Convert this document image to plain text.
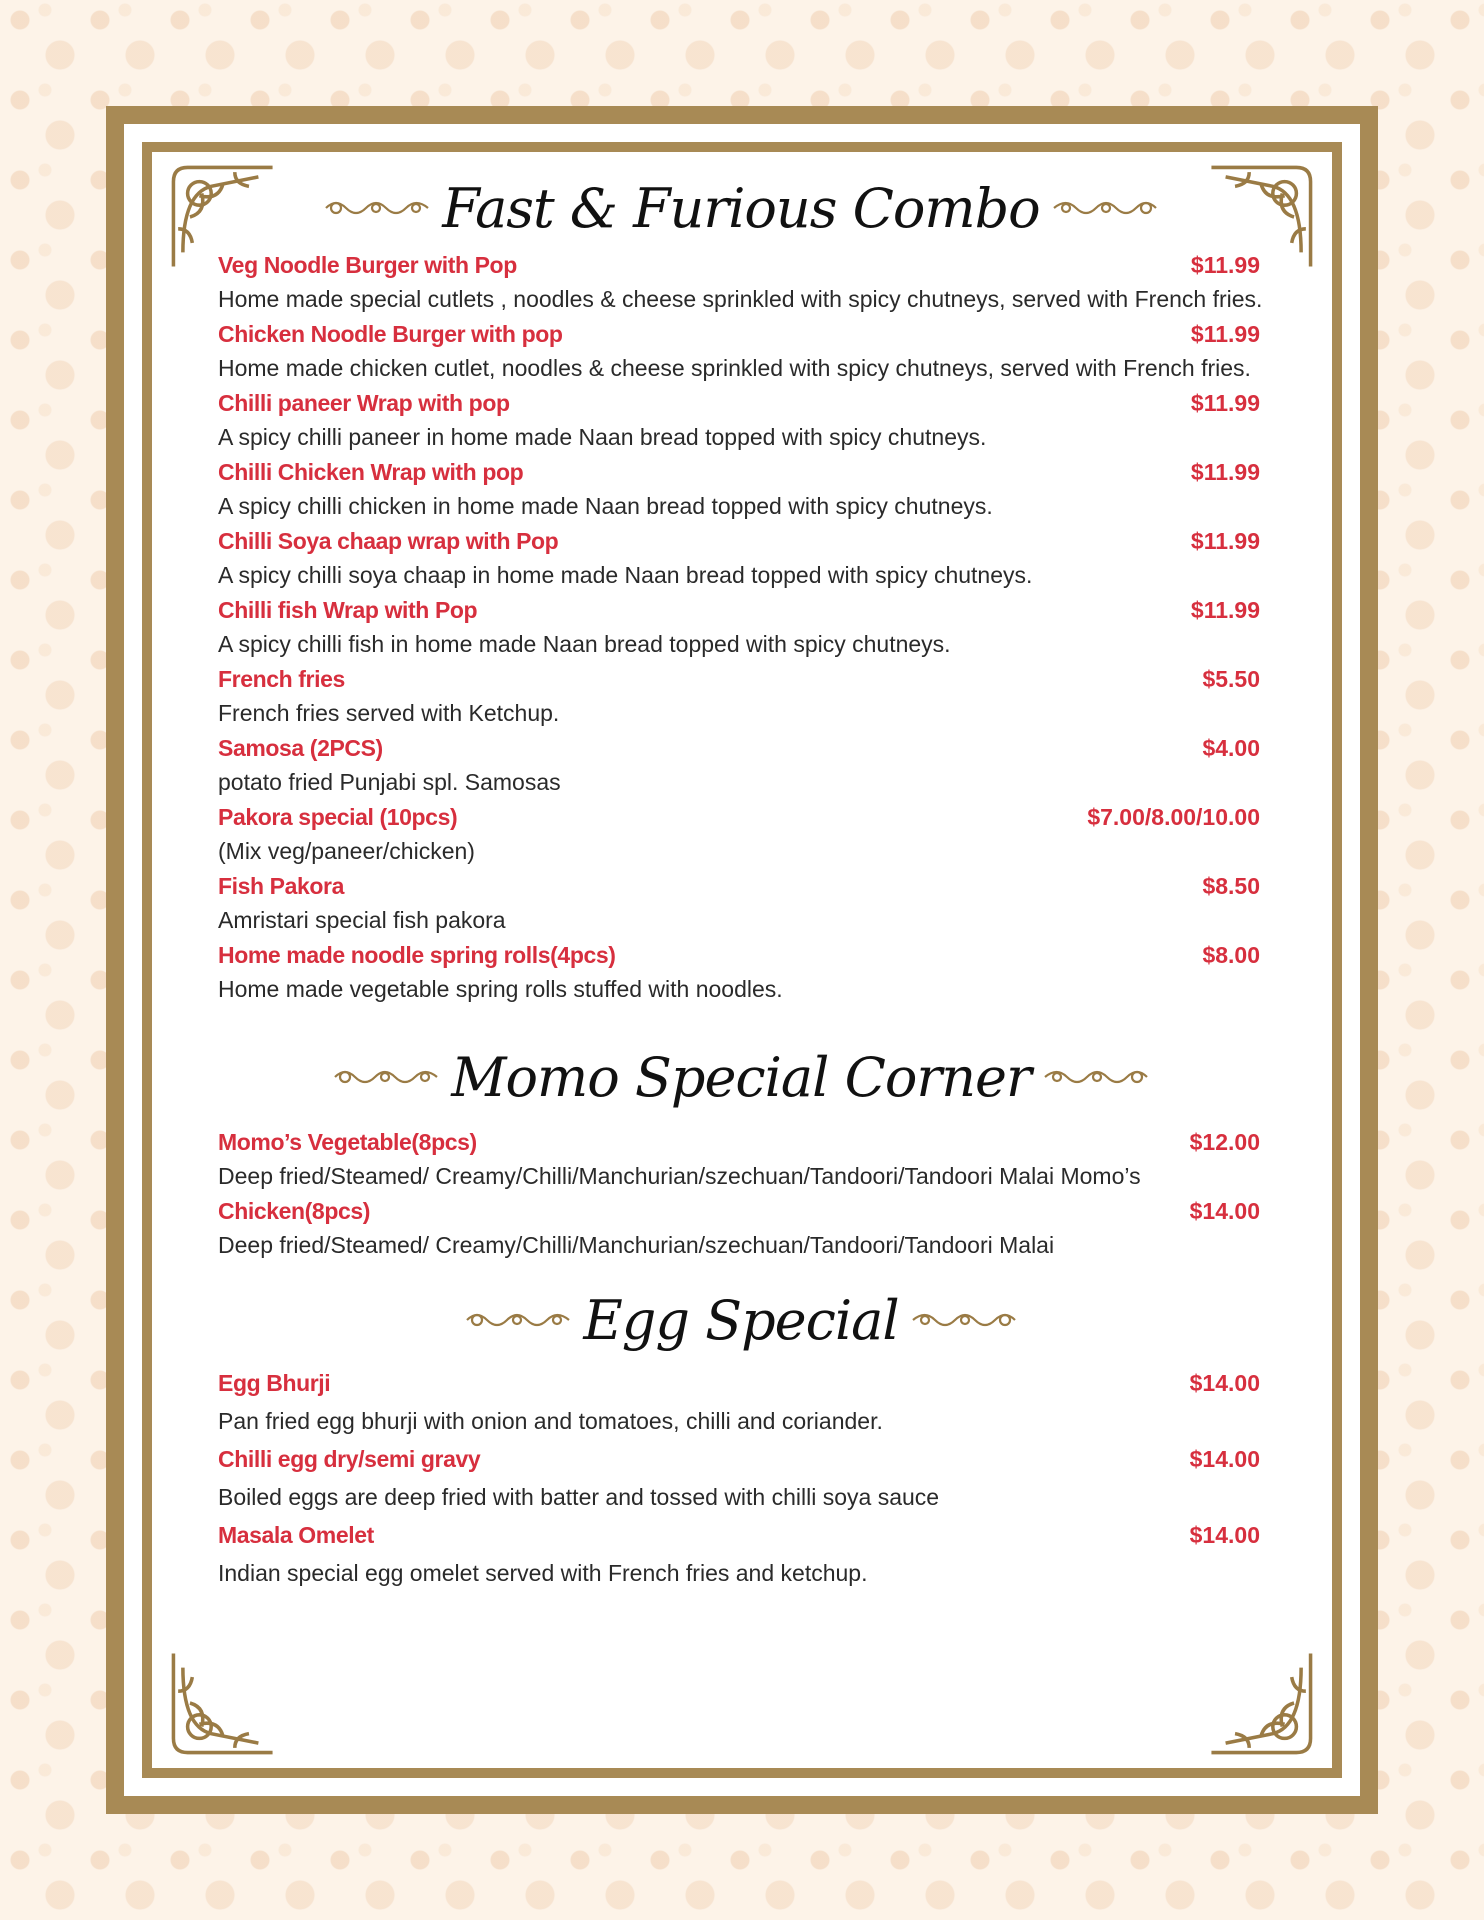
Fast & Furious Combo
Veg Noodle Burger with Pop	$11.99
Home made special cutlets , noodles & cheese sprinkled with spicy chutneys, served with French fries.
Chicken Noodle Burger with pop	$11.99
Home made chicken cutlet, noodles & cheese sprinkled with spicy chutneys, served with French fries.
Chilli paneer Wrap with pop	$11.99
A spicy chilli paneer in home made Naan bread topped with spicy chutneys.
Chilli Chicken Wrap with pop	$11.99
A spicy chilli chicken in home made Naan bread topped with spicy chutneys.
Chilli Soya chaap wrap with Pop	$11.99
A spicy chilli soya chaap in home made Naan bread topped with spicy chutneys.
Chilli fish Wrap with Pop	$11.99
A spicy chilli fish in home made Naan bread topped with spicy chutneys.
French fries	$5.50
French fries served with Ketchup.
Samosa (2PCS)	$4.00
potato fried Punjabi spl. Samosas
Pakora special (10pcs)	$7.00/8.00/10.00
(Mix veg/paneer/chicken)
Fish Pakora	$8.50
Amristari special fish pakora
Home made noodle spring rolls(4pcs)	$8.00
Home made vegetable spring rolls stuffed with noodles.
Momo Special Corner
Momo’s Vegetable(8pcs)	$12.00
Deep fried/Steamed/ Creamy/Chilli/Manchurian/szechuan/Tandoori/Tandoori Malai Momo’s
Chicken(8pcs)	$14.00
Deep fried/Steamed/ Creamy/Chilli/Manchurian/szechuan/Tandoori/Tandoori Malai
Egg Special
Egg Bhurji	$14.00
Pan fried egg bhurji with onion and tomatoes, chilli and coriander.
Chilli egg dry/semi gravy	$14.00
Boiled eggs are deep fried with batter and tossed with chilli soya sauce
Masala Omelet	$14.00
Indian special egg omelet served with French fries and ketchup.
